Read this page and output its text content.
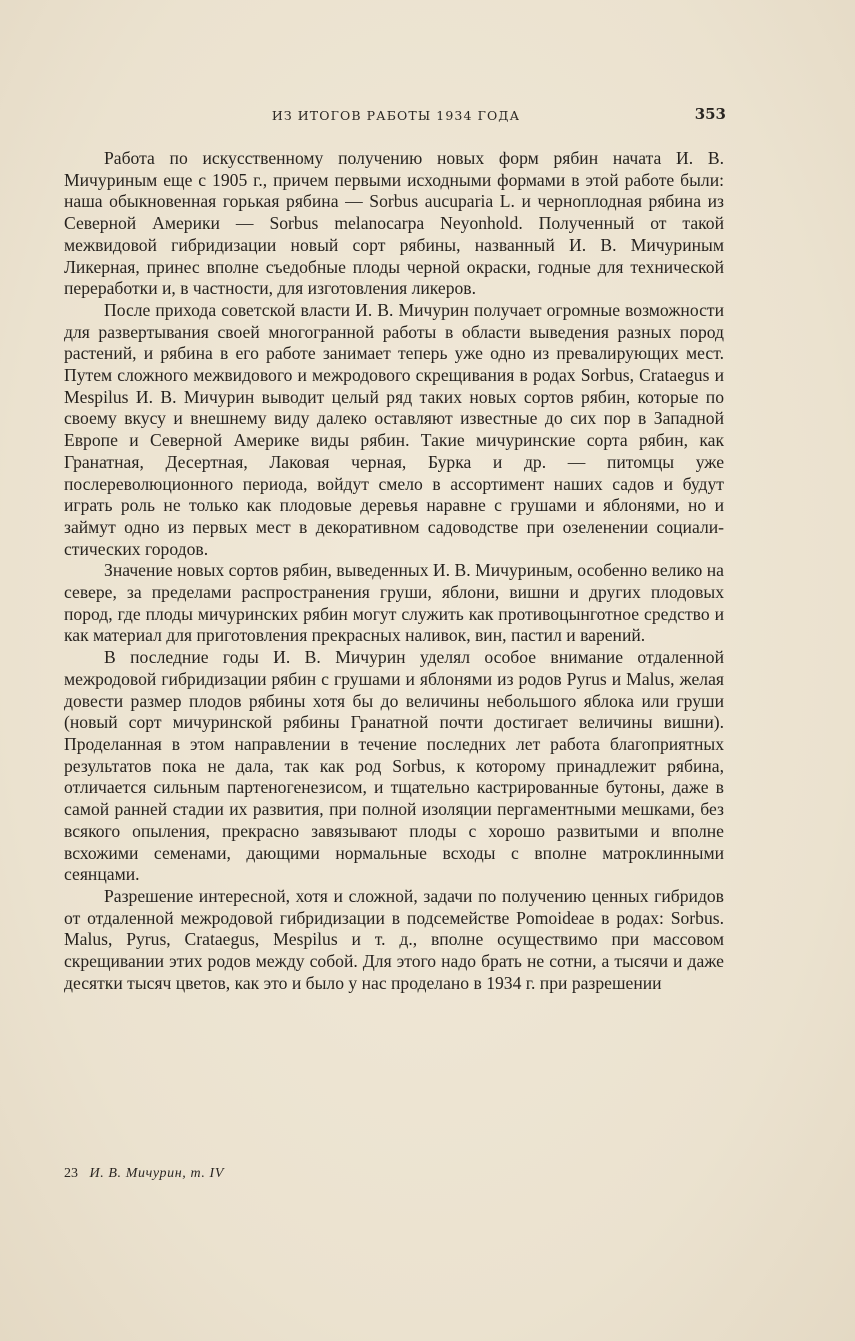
ИЗ ИТОГОВ РАБОТЫ 1934 ГОДА	353

Работа по искусственному получению новых форм рябин начата И. В. Мичуриным еще с 1905 г., причем первыми исходными формами в этой работе были: наша обыкновенная горькая рябина — Sorbus aucuparia L. и черноплодная рябина из Северной Америки — Sorbus melanocarpa Neyonhold. Полученный от такой межвидовой гибридизации новый сорт рябины, названный И. В. Мичуриным Ликерная, принес вполне съедобные плоды черной окраски, годные для технической переработки и, в частности, для изготовления ликеров.

После прихода советской власти И. В. Мичурин получает огромные возможности для развертывания своей многогранной работы в области выведения разных пород растений, и рябина в его работе занимает теперь уже одно из превалирующих мест. Путем сложного межвидового и межродового скрещивания в родах Sorbus, Crataegus и Mespilus И. В. Мичурин выводит целый ряд таких новых сортов рябин, которые по своему вкусу и внешнему виду далеко оставляют известные до сих пор в Западной Европе и Северной Америке виды рябин. Такие мичуринские сорта рябин, как Гранатная, Десертная, Лаковая черная, Бурка и др. — питомцы уже послереволюционного периода, войдут смело в ассортимент наших садов и будут играть роль не только как плодовые деревья наравне с грушами и яблонями, но и займут одно из первых мест в декоративном садоводстве при озеленении социалистических городов.

Значение новых сортов рябин, выведенных И. В. Мичуриным, особенно велико на севере, за пределами распространения груши, яблони, вишни и других плодовых пород, где плоды мичуринских рябин могут служить как противоцынготное средство и как материал для приготовления прекрасных наливок, вин, пастил и варений.

В последние годы И. В. Мичурин уделял особое внимание отдаленной межродовой гибридизации рябин с грушами и яблонями из родов Pyrus и Malus, желая довести размер плодов рябины хотя бы до величины небольшого яблока или груши (новый сорт мичуринской рябины Гранатной почти достигает величины вишни). Проделанная в этом направлении в течение последних лет работа благоприятных результатов пока не дала, так как род Sorbus, к которому принадлежит рябина, отличается сильным партеногенезисом, и тщательно кастрированные бутоны, даже в самой ранней стадии их развития, при полной изоляции пергаментными мешками, без всякого опыления, прекрасно завязывают плоды с хорошо развитыми и вполне всхожими семенами, дающими нормальные всходы с вполне матроклинными сеянцами.

Разрешение интересной, хотя и сложной, задачи по получению ценных гибридов от отдаленной межродовой гибридизации в подсемействе Pomoideae в родах: Sorbus. Malus, Pyrus, Crataegus, Mespilus и т. д., вполне осуществимо при массовом скрещивании этих родов между собой. Для этого надо брать не сотни, а тысячи и даже десятки тысяч цветов, как это и было у нас проделано в 1934 г. при разрешении

23 И. В. Мичурин, т. IV
